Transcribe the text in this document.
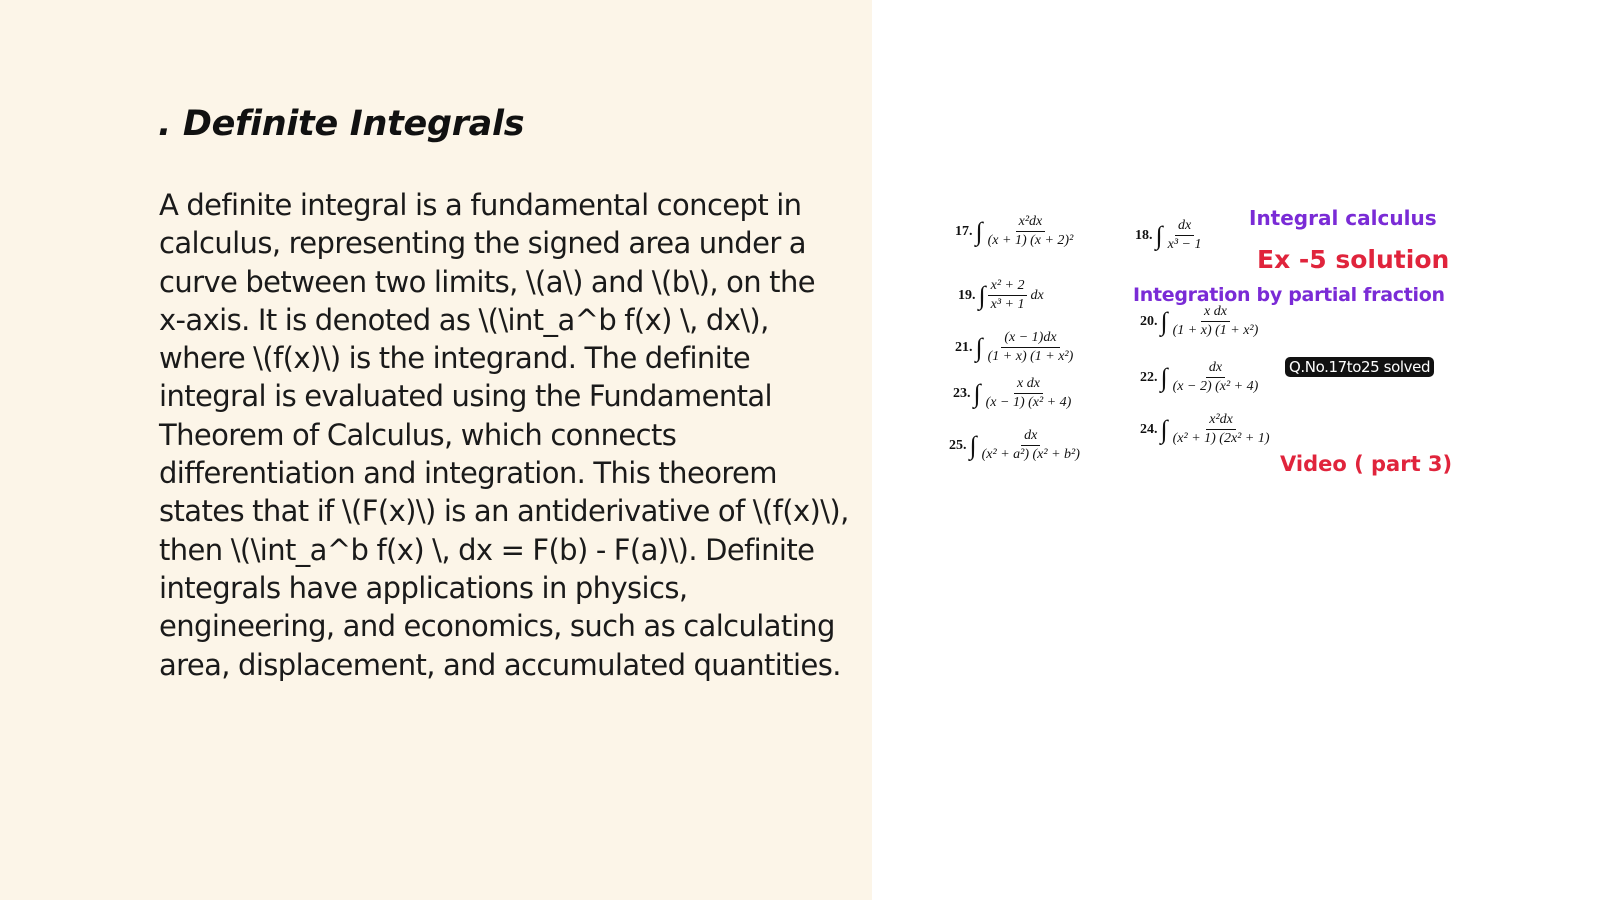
. Definite Integrals

A definite integral is a fundamental concept in calculus, representing the signed area under a curve between two limits, \(a\) and \(b\), on the x-axis. It is denoted as \(\int_a^b f(x) \, dx\), where \(f(x)\) is the integrand. The definite integral is evaluated using the Fundamental Theorem of Calculus, which connects differentiation and integration. This theorem states that if \(F(x)\) is an antiderivative of \(f(x)\), then \(\int_a^b f(x) \, dx = F(b) - F(a)\). Definite integrals have applications in physics, engineering, and economics, such as calculating area, displacement, and accumulated quantities.

17. ∫ $\frac{\text{x²dx}}{\text{(x + 1) (x + 2)²}}$	18. ∫ $\frac{dx}{\text{x³ − 1}}$
19. ∫ $\frac{\text{x² + 2}}{\text{x³ + 1}}$ dx
20. ∫ $\frac{\text{x dx}}{\text{(1 + x) (1 + x²)}}$
21. ∫ $\frac{(x - 1)dx}{\text{(1 + x) (1 + x²)}}$
22. ∫ $\frac{dx}{\text{(x − 2) (x² + 4)}}$
23. ∫ $\frac{\text{x dx}}{\text{(x − 1) (x² + 4)}}$
24. ∫ $\frac{\text{x²dx}}{\text{(x² + 1) (2x² + 1)}}$
25. ∫ $\frac{dx}{\text{(x² + a²) (x² + b²)}}$
Integral calculus
Ex -5 solution
Integration by partial fraction
Q.No.17to25 solved
Video ( part 3)
